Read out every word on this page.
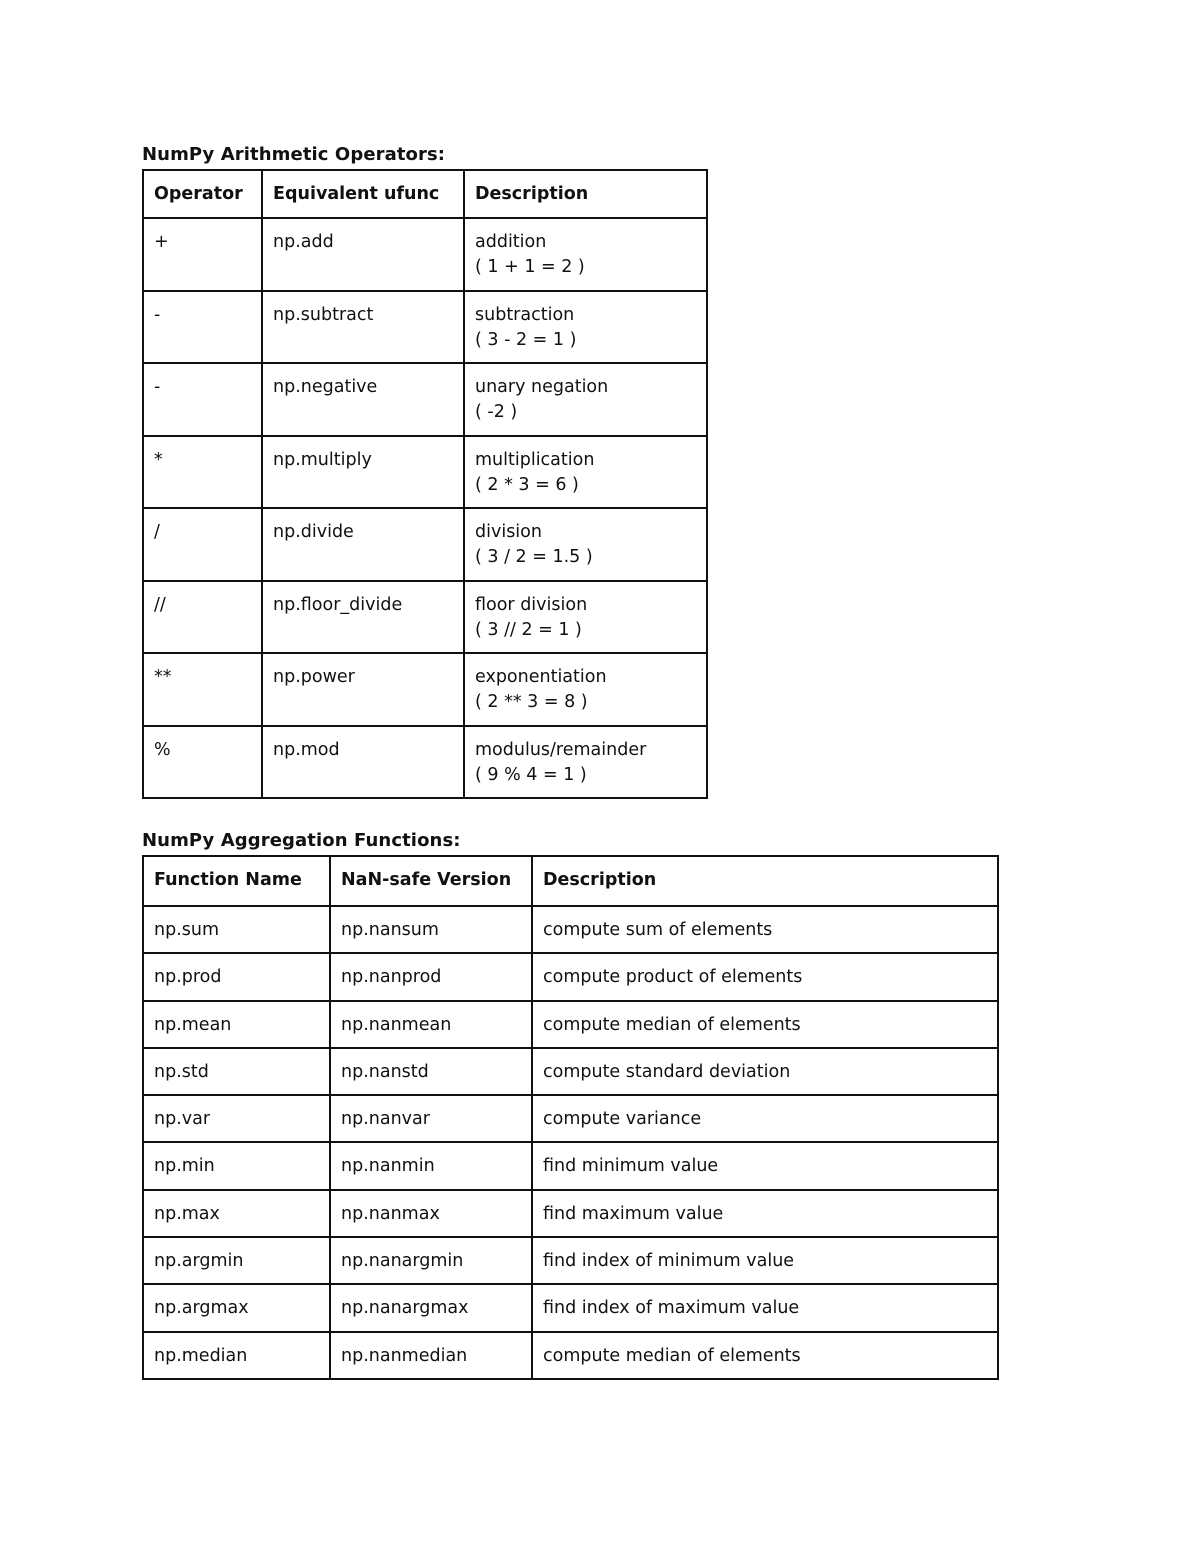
NumPy Arithmetic Operators:
Operator	Equivalent ufunc	Description
+	np.add	addition
( 1 + 1 = 2 )

-	np.subtract	subtraction
( 3 - 2 = 1 )

-	np.negative	unary negation
( -2 )

*	np.multiply	multiplication
( 2 * 3 = 6 )

/	np.divide	division
( 3 / 2 = 1.5 )

//	np.floor_divide	floor division
( 3 // 2 = 1 )

**	np.power	exponentiation
( 2 ** 3 = 8 )

%	np.mod	modulus/remainder
( 9 % 4 = 1 )
NumPy Aggregation Functions:
Function Name	NaN-safe Version	Description
np.sum	np.nansum	compute sum of elements
np.prod	np.nanprod	compute product of elements
np.mean	np.nanmean	compute median of elements
np.std	np.nanstd	compute standard deviation
np.var	np.nanvar	compute variance
np.min	np.nanmin	find minimum value
np.max	np.nanmax	find maximum value
np.argmin	np.nanargmin	find index of minimum value
np.argmax	np.nanargmax	find index of maximum value
np.median	np.nanmedian	compute median of elements
